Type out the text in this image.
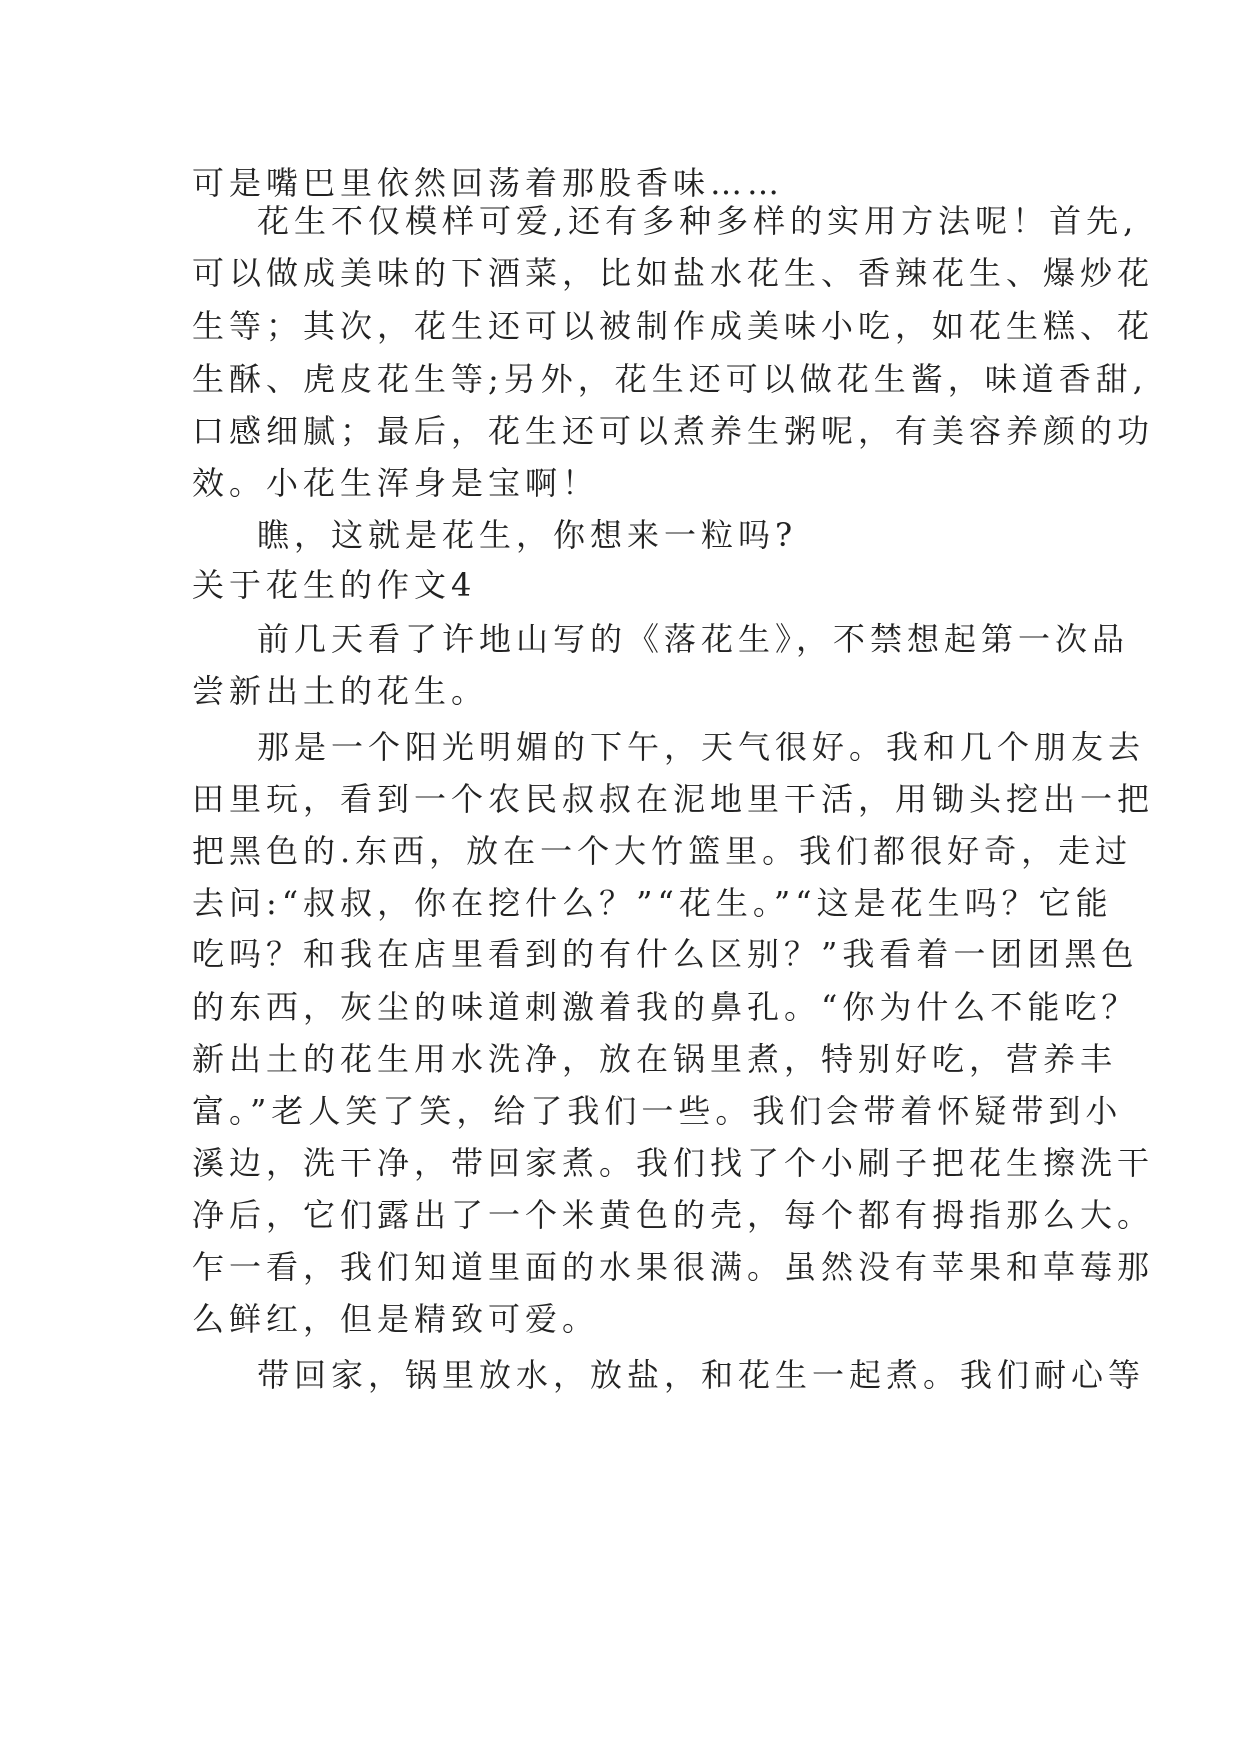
可是嘴巴里依然回荡着那股香味……
花生不仅模样可爱,还有多种多样的实用方法呢！首先,
可以做成美味的下酒菜，比如盐水花生、香辣花生、爆炒花
生等；其次，花生还可以被制作成美味小吃，如花生糕、花
生酥、虎皮花生等;另外，花生还可以做花生酱，味道香甜,
口感细腻；最后，花生还可以煮养生粥呢，有美容养颜的功
效。小花生浑身是宝啊！
瞧，这就是花生，你想来一粒吗?
关于花生的作文4
前几天看了许地山写的《落花生》，不禁想起第一次品
尝新出土的花生。
那是一个阳光明媚的下午，天气很好。我和几个朋友去
田里玩，看到一个农民叔叔在泥地里干活，用锄头挖出一把
把黑色的.东西，放在一个大竹篮里。我们都很好奇，走过
去问:“叔叔，你在挖什么？”“花生。”“这是花生吗？它能
吃吗？和我在店里看到的有什么区别？”我看着一团团黑色
的东西，灰尘的味道刺激着我的鼻孔。“你为什么不能吃？
新出土的花生用水洗净，放在锅里煮，特别好吃，营养丰
富。”老人笑了笑，给了我们一些。我们会带着怀疑带到小
溪边，洗干净，带回家煮。我们找了个小刷子把花生擦洗干
净后，它们露出了一个米黄色的壳，每个都有拇指那么大。
乍一看，我们知道里面的水果很满。虽然没有苹果和草莓那
么鲜红，但是精致可爱。
带回家，锅里放水，放盐，和花生一起煮。我们耐心等
